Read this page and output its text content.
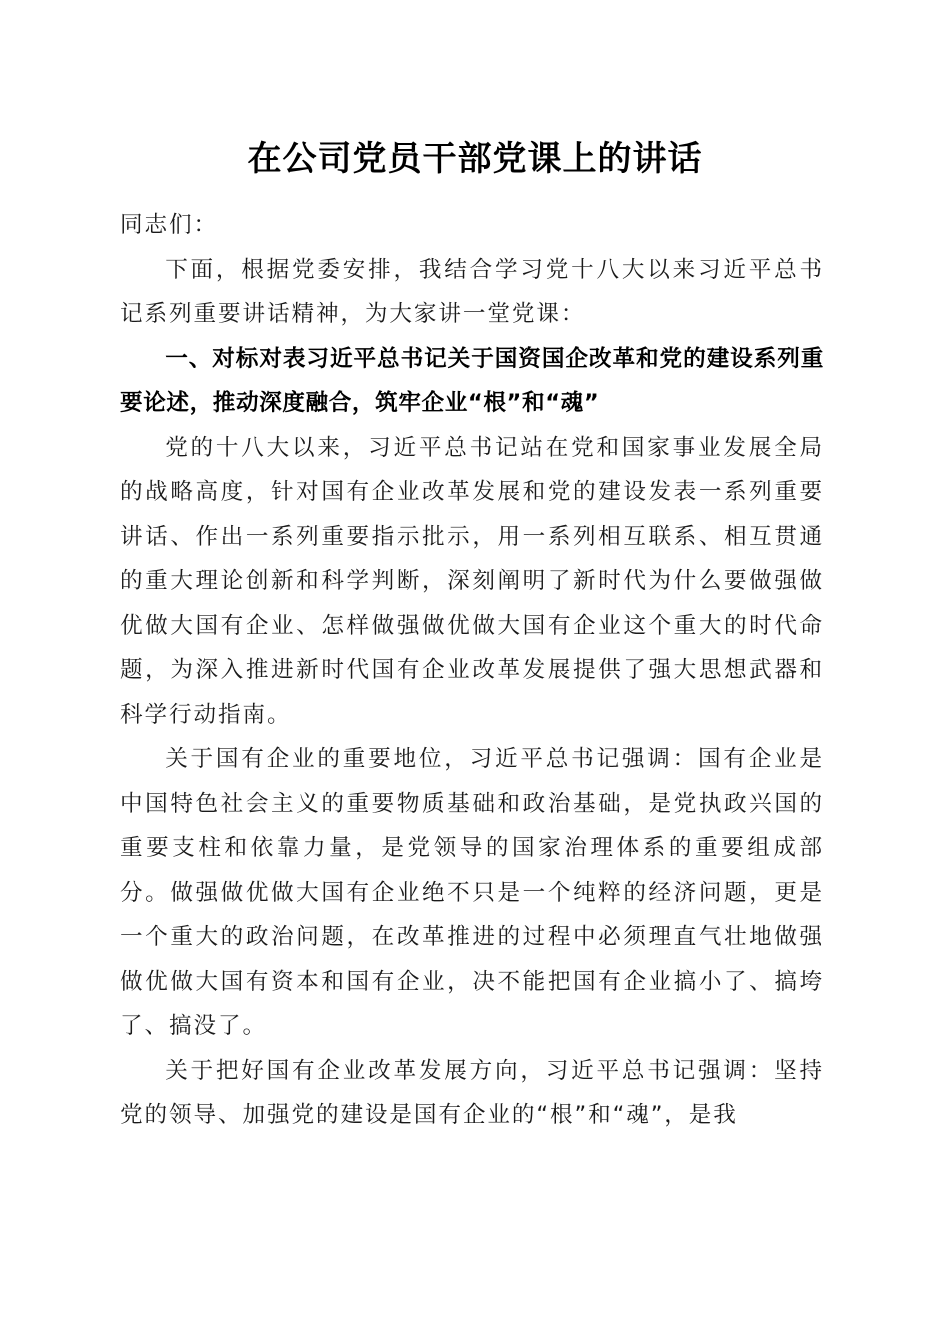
在公司党员干部党课上的讲话

同志们：

下面，根据党委安排，我结合学习党十八大以来习近平总书记系列重要讲话精神，为大家讲一堂党课：

一、对标对表习近平总书记关于国资国企改革和党的建设系列重要论述，推动深度融合，筑牢企业“根”和“魂”

党的十八大以来，习近平总书记站在党和国家事业发展全局的战略高度，针对国有企业改革发展和党的建设发表一系列重要讲话、作出一系列重要指示批示，用一系列相互联系、相互贯通的重大理论创新和科学判断，深刻阐明了新时代为什么要做强做优做大国有企业、怎样做强做优做大国有企业这个重大的时代命题，为深入推进新时代国有企业改革发展提供了强大思想武器和科学行动指南。

关于国有企业的重要地位，习近平总书记强调：国有企业是中国特色社会主义的重要物质基础和政治基础，是党执政兴国的重要支柱和依靠力量，是党领导的国家治理体系的重要组成部分。做强做优做大国有企业绝不只是一个纯粹的经济问题，更是一个重大的政治问题，在改革推进的过程中必须理直气壮地做强做优做大国有资本和国有企业，决不能把国有企业搞小了、搞垮了、搞没了。

关于把好国有企业改革发展方向，习近平总书记强调：坚持党的领导、加强党的建设是国有企业的“根”和“魂”，是我
